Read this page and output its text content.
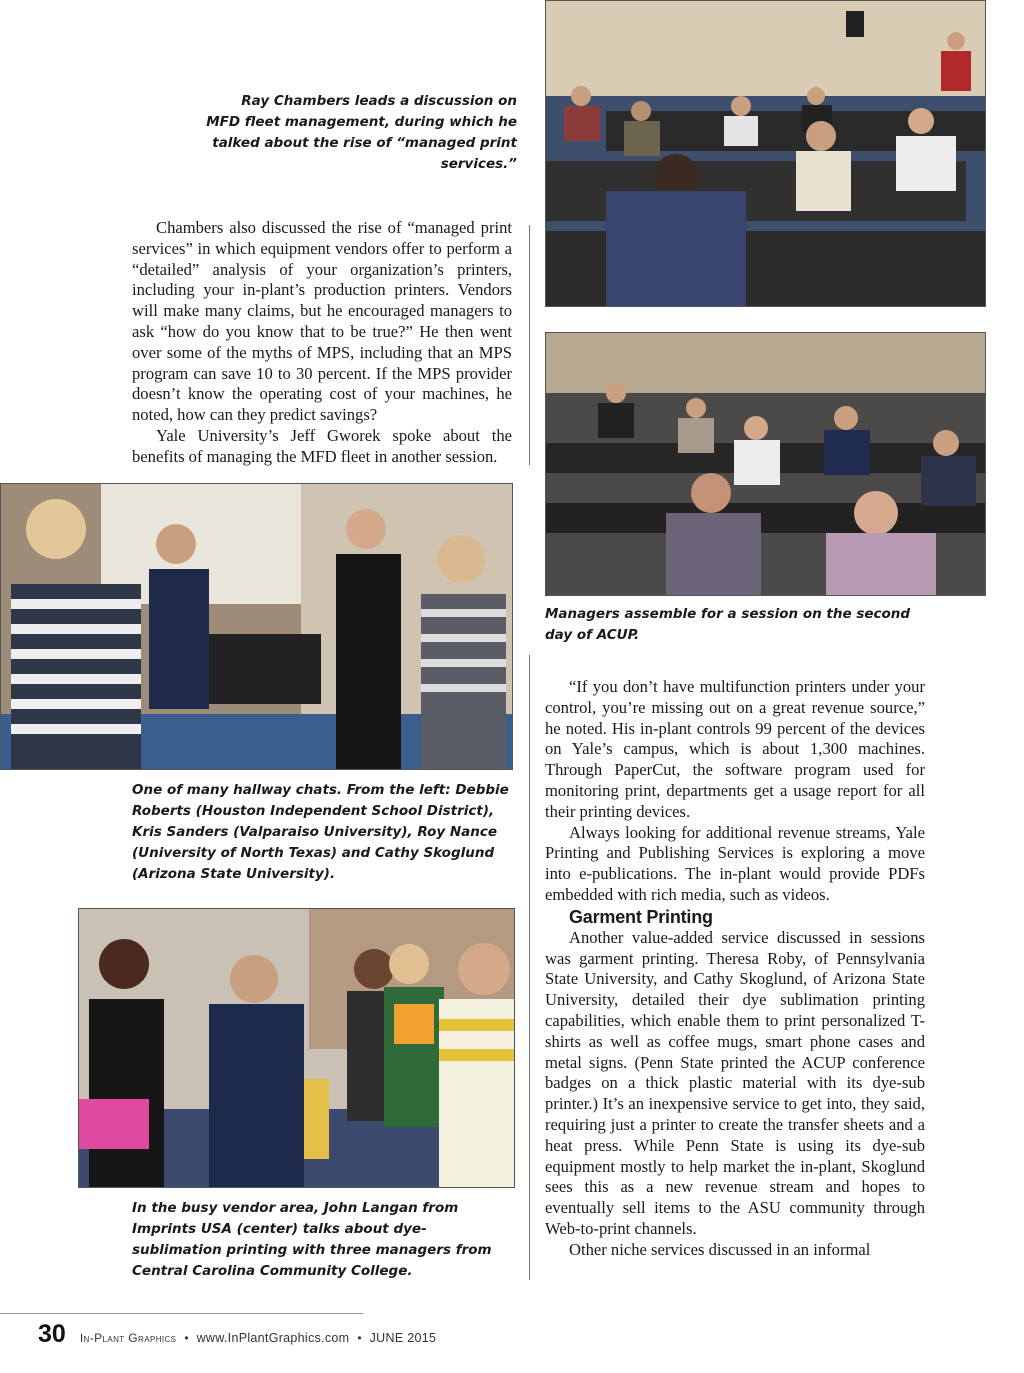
Ray Chambers leads a discussion on MFD fleet management, during which he talked about the rise of “managed print services.”

Chambers also discussed the rise of “managed print services” in which equipment vendors offer to perform a “detailed” analysis of your organization’s printers, including your in-plant’s production printers. Vendors will make many claims, but he encouraged managers to ask “how do you know that to be true?” He then went over some of the myths of MPS, including that an MPS program can save 10 to 30 percent. If the MPS provider doesn’t know the operating cost of your machines, he noted, how can they predict savings?

Yale University’s Jeff Gworek spoke about the benefits of managing the MFD fleet in another session.

Managers assemble for a session on the second day of ACUP.
One of many hallway chats. From the left: Debbie Roberts (Houston Independent School District), Kris Sanders (Valparaiso University), Roy Nance (University of North Texas) and Cathy Skoglund (Arizona State University).
In the busy vendor area, John Langan from Imprints USA (center) talks about dye-sublimation printing with three managers from Central Carolina Community College.

“If you don’t have multifunction printers under your control, you’re missing out on a great revenue source,” he noted. His in-plant controls 99 percent of the devices on Yale’s campus, which is about 1,300 machines. Through PaperCut, the software program used for monitoring print, departments get a usage report for all their printing devices.

Always looking for additional revenue streams, Yale Printing and Publishing Services is exploring a move into e-publications. The in-plant would provide PDFs embedded with rich media, such as videos.

Garment Printing

Another value-added service discussed in sessions was garment printing. Theresa Roby, of Pennsylvania State University, and Cathy Skoglund, of Arizona State University, detailed their dye sublimation printing capabilities, which enable them to print personalized T-shirts as well as coffee mugs, smart phone cases and metal signs. (Penn State printed the ACUP conference badges on a thick plastic material with its dye-sub printer.) It’s an inexpensive service to get into, they said, requiring just a printer to create the transfer sheets and a heat press. While Penn State is using its dye-sub equipment mostly to help market the in-plant, Skoglund sees this as a new revenue stream and hopes to eventually sell items to the ASU community through Web-to-print channels.

Other niche services discussed in an informal

30 In-Plant Graphics • www.InPlantGraphics.com • JUNE 2015
